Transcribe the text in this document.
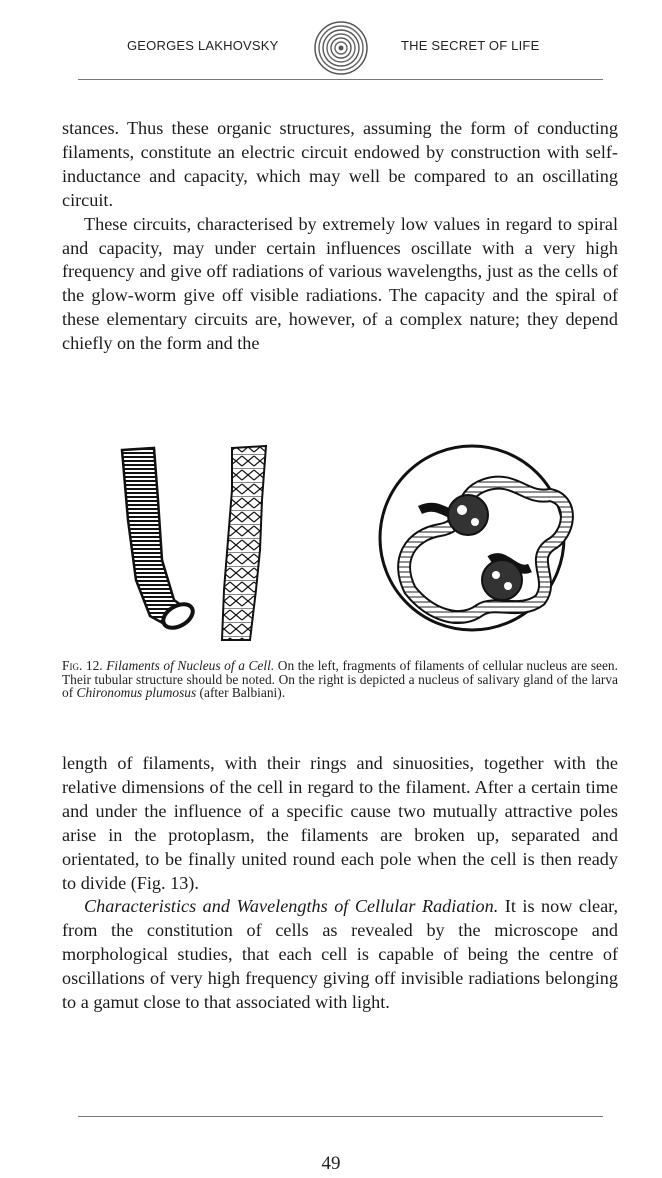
GEORGES LAKHOVSKY	THE SECRET OF LIFE

stances. Thus these organic structures, assuming the form of conducting filaments, constitute an electric circuit endowed by construction with self-inductance and capacity, which may well be compared to an oscillating circuit.

These circuits, characterised by extremely low values in regard to spiral and capacity, may under certain influences oscillate with a very high frequency and give off radiations of various wavelengths, just as the cells of the glow-worm give off visible radiations. The capacity and the spiral of these elementary circuits are, however, of a complex nature; they depend chiefly on the form and the

Fig. 12. Filaments of Nucleus of a Cell. On the left, fragments of filaments of cellular nucleus are seen. Their tubular structure should be noted. On the right is depicted a nucleus of salivary gland of the larva of Chironomus plumosus (after Balbiani).

length of filaments, with their rings and sinuosities, together with the relative dimensions of the cell in regard to the filament. After a certain time and under the influence of a specific cause two mutually attractive poles arise in the protoplasm, the filaments are broken up, separated and orientated, to be finally united round each pole when the cell is then ready to divide (Fig. 13).

Characteristics and Wavelengths of Cellular Radiation. It is now clear, from the constitution of cells as revealed by the microscope and morphological studies, that each cell is capable of being the centre of oscillations of very high frequency giving off invisible radiations belonging to a gamut close to that associated with light.

49
